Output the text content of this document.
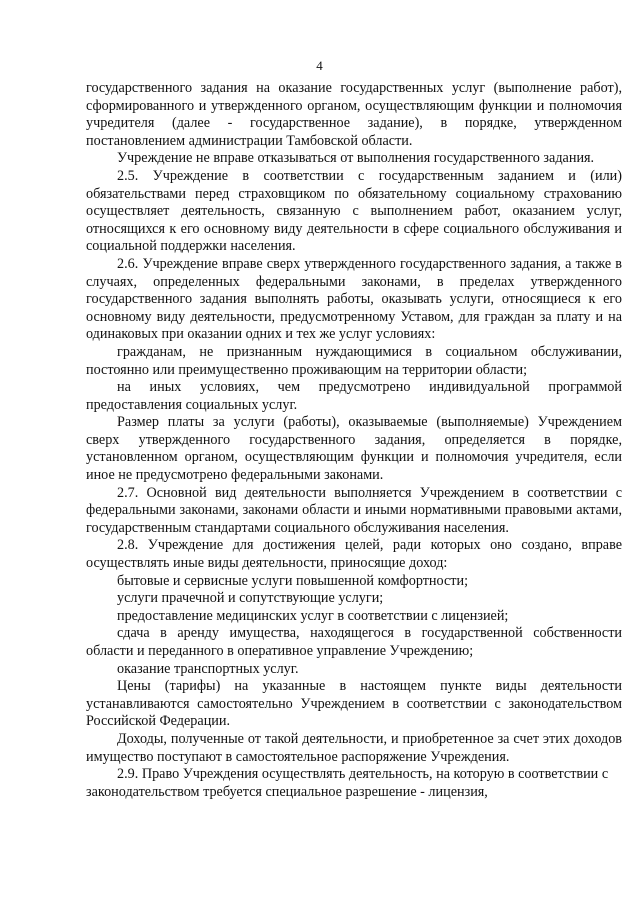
4

государственного задания на оказание государственных услуг (выполнение работ), сформированного и утвержденного органом, осуществляющим функции и полномочия учредителя (далее - государственное задание), в порядке, утвержденном постановлением администрации Тамбовской области.

Учреждение не вправе отказываться от выполнения государственного задания.

2.5. Учреждение в соответствии с государственным заданием и (или) обязательствами перед страховщиком по обязательному социальному страхованию осуществляет деятельность, связанную с выполнением работ, оказанием услуг, относящихся к его основному виду деятельности в сфере социального обслуживания и социальной поддержки населения.

2.6. Учреждение вправе сверх утвержденного государственного задания, а также в случаях, определенных федеральными законами, в пределах утвержденного государственного задания выполнять работы, оказывать услуги, относящиеся к его основному виду деятельности, предусмотренному Уставом, для граждан за плату и на одинаковых при оказании одних и тех же услуг условиях:

гражданам, не признанным нуждающимися в социальном обслуживании, постоянно или преимущественно проживающим на территории области;

на иных условиях, чем предусмотрено индивидуальной программой предоставления социальных услуг.

Размер платы за услуги (работы), оказываемые (выполняемые) Учреждением сверх утвержденного государственного задания, определяется в порядке, установленном органом, осуществляющим функции и полномочия учредителя, если иное не предусмотрено федеральными законами.

2.7. Основной вид деятельности выполняется Учреждением в соответствии с федеральными законами, законами области и иными нормативными правовыми актами, государственным стандартами социального обслуживания населения.

2.8. Учреждение для достижения целей, ради которых оно создано, вправе осуществлять иные виды деятельности, приносящие доход:

бытовые и сервисные услуги повышенной комфортности;

услуги прачечной и сопутствующие услуги;

предоставление медицинских услуг в соответствии с лицензией;

сдача в аренду имущества, находящегося в государственной собственности области и переданного в оперативное управление Учреждению;

оказание транспортных услуг.

Цены (тарифы) на указанные в настоящем пункте виды деятельности устанавливаются самостоятельно Учреждением в соответствии с законодательством Российской Федерации.

Доходы, полученные от такой деятельности, и приобретенное за счет этих доходов имущество поступают в самостоятельное распоряжение Учреждения.

2.9. Право Учреждения осуществлять деятельность, на которую в соответствии с законодательством требуется специальное разрешение - лицензия,
